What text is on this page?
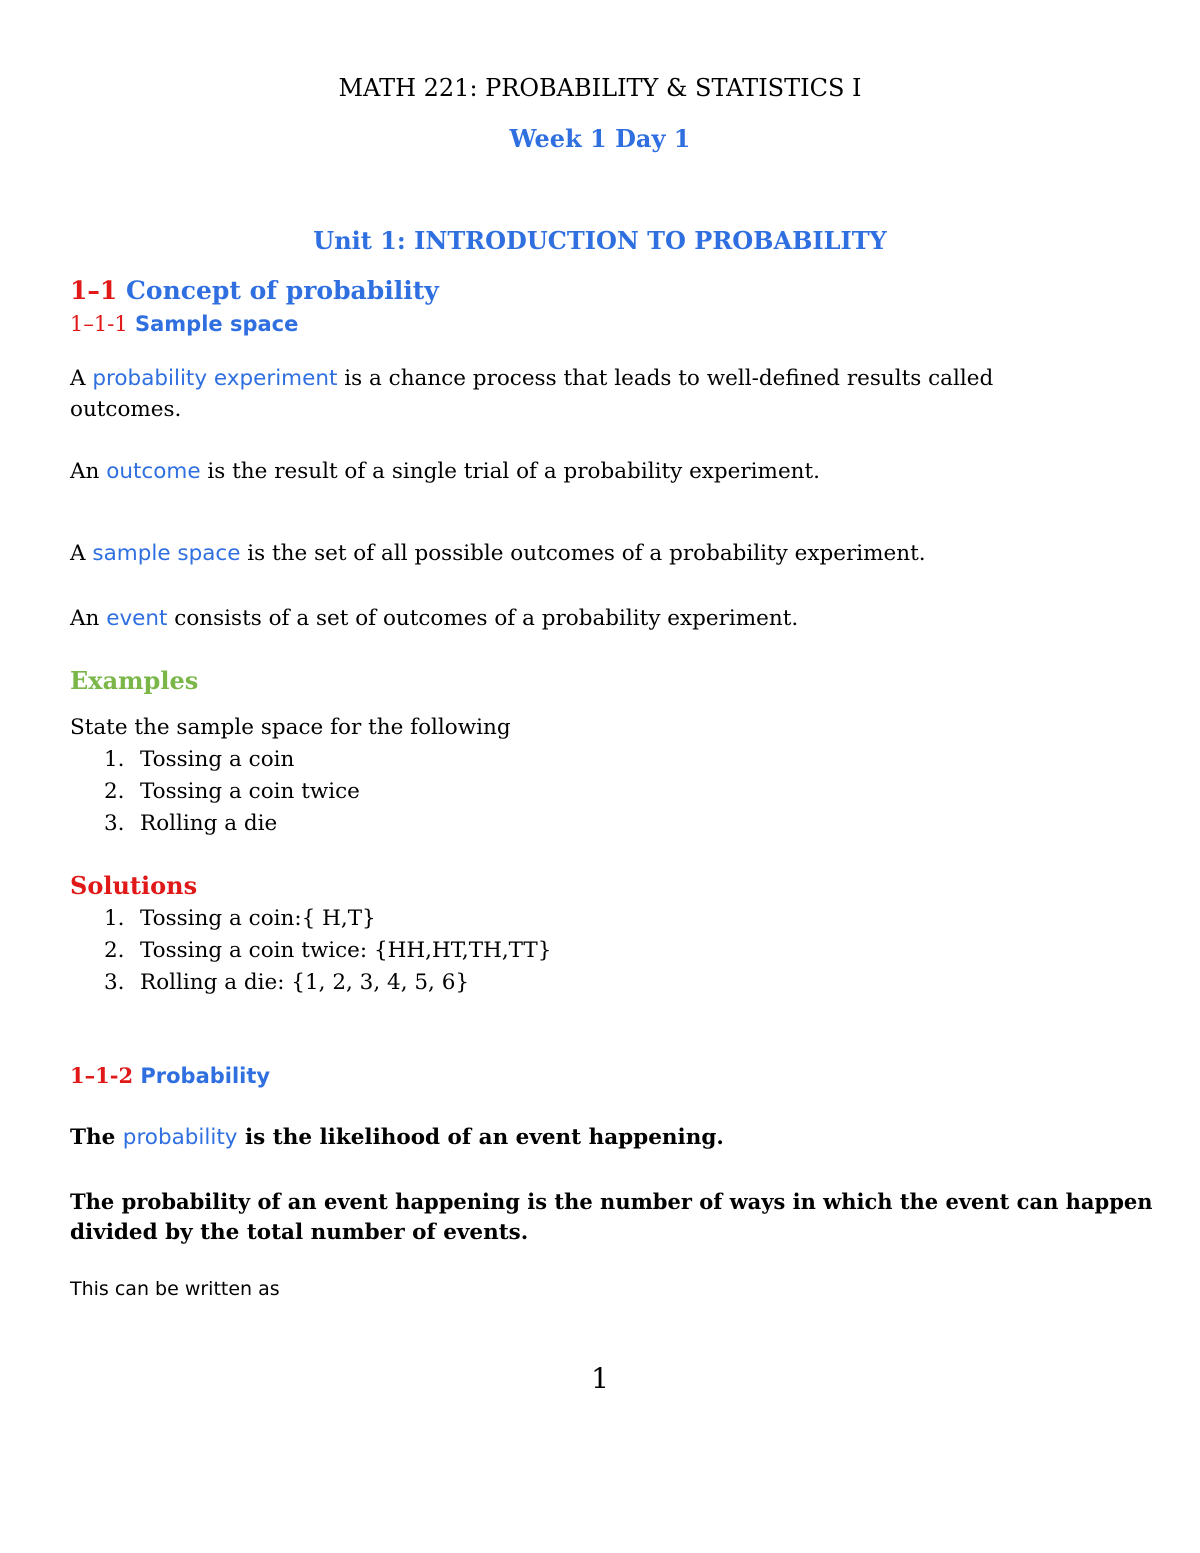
MATH 221: PROBABILITY & STATISTICS I
Week 1 Day 1
Unit 1: INTRODUCTION TO PROBABILITY
1–1 Concept of probability
1–1-1 Sample space
A probability experiment is a chance process that leads to well-defined results called
outcomes.
An outcome is the result of a single trial of a probability experiment.
A sample space is the set of all possible outcomes of a probability experiment.
An event consists of a set of outcomes of a probability experiment.
Examples
State the sample space for the following
1. Tossing a coin
2. Tossing a coin twice
3. Rolling a die
Solutions
1. Tossing a coin:{ H,T}
2. Tossing a coin twice: {HH,HT,TH,TT}
3. Rolling a die: {1, 2, 3, 4, 5, 6}
1–1-2 Probability
The probability is the likelihood of an event happening.
The probability of an event happening is the number of ways in which the event can happen
divided by the total number of events.
This can be written as
1
